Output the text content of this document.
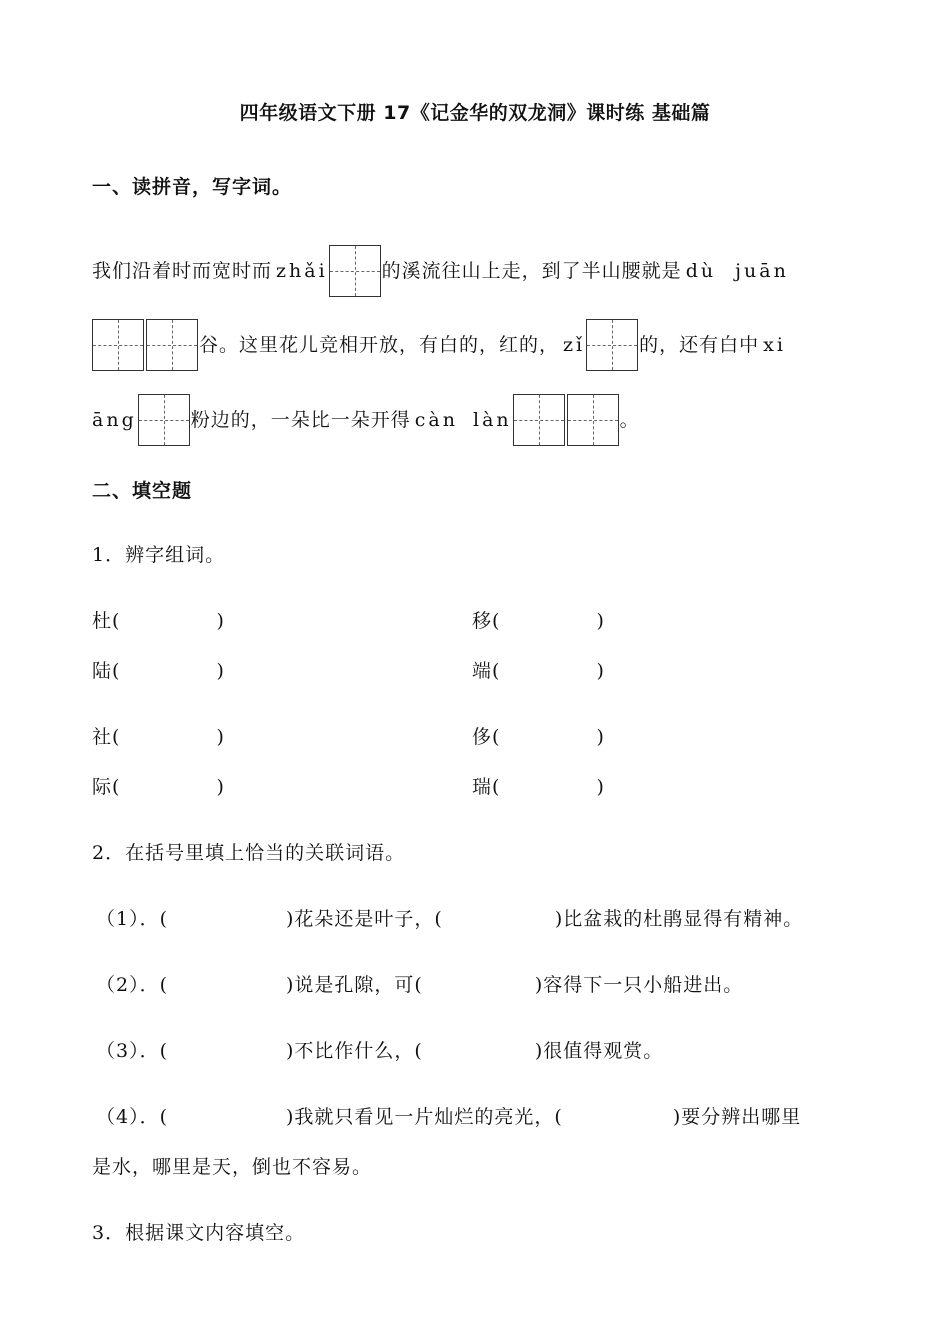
四年级语文下册 17《记金华的双龙洞》课时练 基础篇
一、读拼音，写字词。
我们沿着时而宽时而 zhǎi	的溪流往山上走，到了半山腰就是 dù juān
谷。这里花儿竞相开放，有白的，红的， zǐ	的，还有白中 xi
āng	粉边的，一朵比一朵开得 càn làn	。
二、填空题
1．辨字组词。
杜(	)	移(	)
陆(	)	端(	)
社(	)	侈(	)
际(	)	瑞(	)
2．在括号里填上恰当的关联词语。
（1）．(	)花朵还是叶子，(	)比盆栽的杜鹃显得有精神。
（2）．(	)说是孔隙，可(	)容得下一只小船进出。
（3）．(	)不比作什么，(	)很值得观赏。
（4）．(	)我就只看见一片灿烂的亮光，(	)要分辨出哪里
是水，哪里是天，倒也不容易。
3．根据课文内容填空。
